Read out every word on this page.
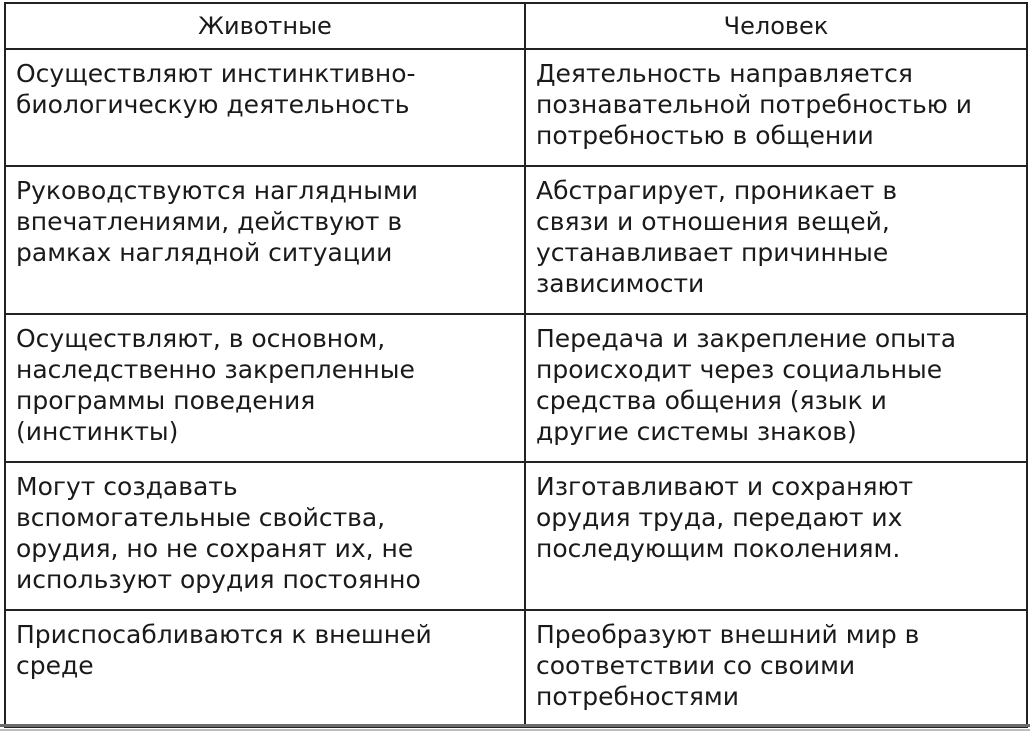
Животные	Человек

Осуществляют инстинктивно-
биологическую деятельность	Деятельность направляется
познавательной потребностью и
потребностью в общении

Руководствуются наглядными
впечатлениями, действуют в
рамках наглядной ситуации	Абстрагирует, проникает в
связи и отношения вещей,
устанавливает причинные
зависимости

Осуществляют, в основном,
наследственно закрепленные
программы поведения
(инстинкты)	Передача и закрепление опыта
происходит через социальные
средства общения (язык и
другие системы знаков)

Могут создавать
вспомогательные свойства,
орудия, но не сохранят их, не
используют орудия постоянно	Изготавливают и сохраняют
орудия труда, передают их
последующим поколениям.

Приспосабливаются к внешней
среде	Преобразуют внешний мир в
соответствии со своими
потребностями
